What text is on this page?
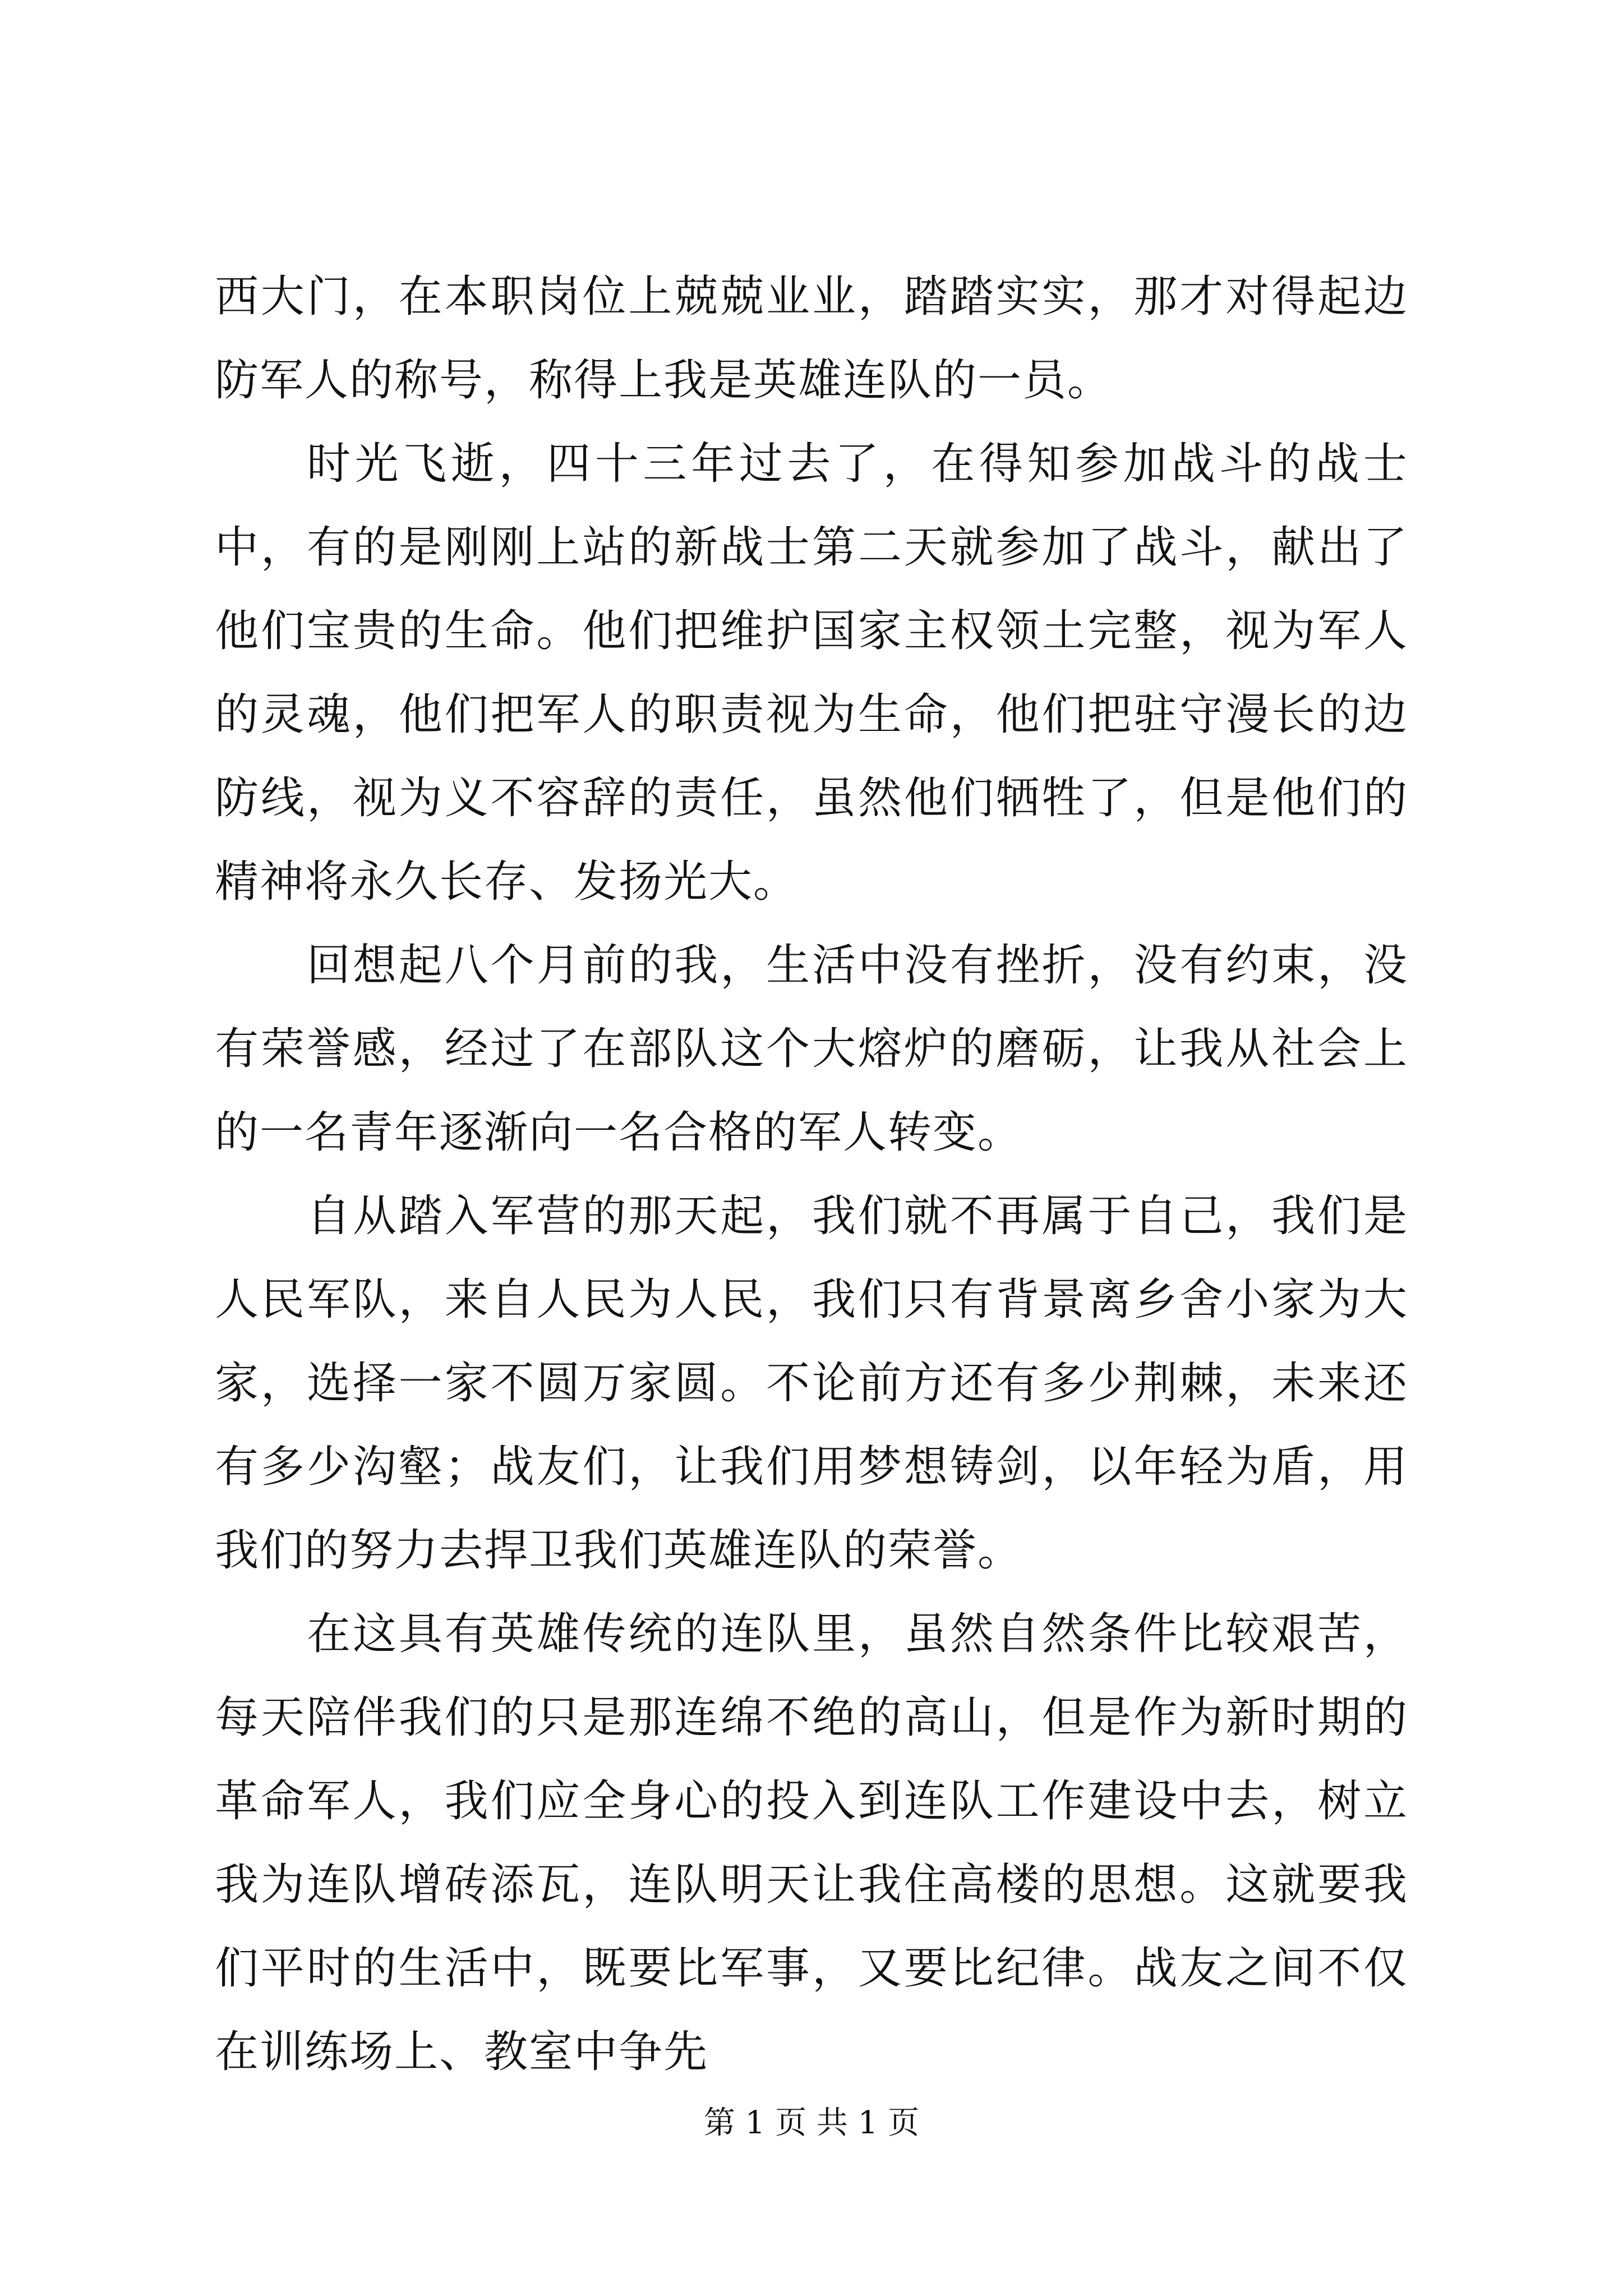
西大门，在本职岗位上兢兢业业，踏踏实实，那才对得起边防军人的称号，称得上我是英雄连队的一员。

时光飞逝，四十三年过去了，在得知参加战斗的战士中，有的是刚刚上站的新战士第二天就参加了战斗，献出了他们宝贵的生命。他们把维护国家主权领土完整，视为军人的灵魂，他们把军人的职责视为生命，他们把驻守漫长的边防线，视为义不容辞的责任，虽然他们牺牲了，但是他们的精神将永久长存、发扬光大。

回想起八个月前的我，生活中没有挫折，没有约束，没有荣誉感，经过了在部队这个大熔炉的磨砺，让我从社会上的一名青年逐渐向一名合格的军人转变。

自从踏入军营的那天起，我们就不再属于自己，我们是人民军队，来自人民为人民，我们只有背景离乡舍小家为大家，选择一家不圆万家圆。不论前方还有多少荆棘，未来还有多少沟壑；战友们，让我们用梦想铸剑，以年轻为盾，用我们的努力去捍卫我们英雄连队的荣誉。

在这具有英雄传统的连队里，虽然自然条件比较艰苦，每天陪伴我们的只是那连绵不绝的高山，但是作为新时期的革命军人，我们应全身心的投入到连队工作建设中去，树立我为连队增砖添瓦，连队明天让我住高楼的思想。这就要我们平时的生活中，既要比军事，又要比纪律。战友之间不仅在训练场上、教室中争先

第 1 页 共 1 页
